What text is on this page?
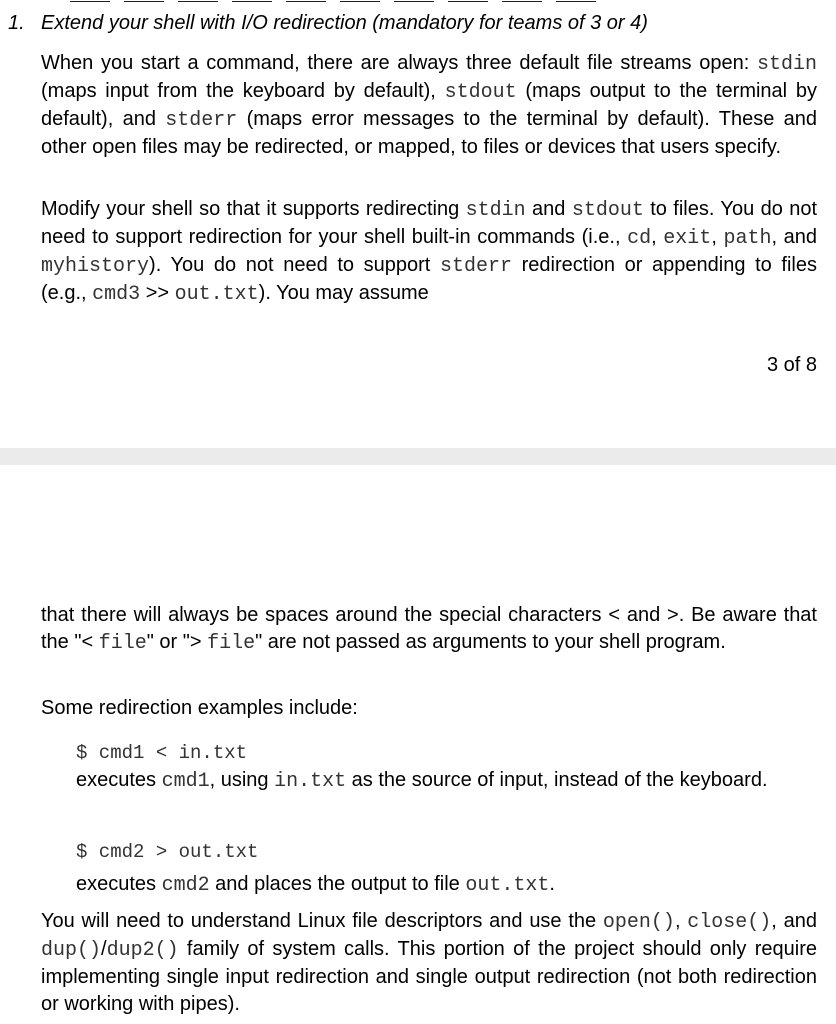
1. Extend your shell with I/O redirection (mandatory for teams of 3 or 4)
When you start a command, there are always three default file streams open: stdin (maps input from the keyboard by default), stdout (maps output to the terminal by default), and stderr (maps error messages to the terminal by default). These and other open files may be redirected, or mapped, to files or devices that users specify.
Modify your shell so that it supports redirecting stdin and stdout to files. You do not need to support redirection for your shell built-in commands (i.e., cd, exit, path, and myhistory). You do not need to support stderr redirection or appending to files (e.g., cmd3 >> out.txt). You may assume
3 of 8
that there will always be spaces around the special characters < and >. Be aware that the "< file" or "> file" are not passed as arguments to your shell program.
Some redirection examples include:
$ cmd1 < in.txt
executes cmd1, using in.txt as the source of input, instead of the keyboard.
$ cmd2 > out.txt
executes cmd2 and places the output to file out.txt.
You will need to understand Linux file descriptors and use the open(), close(), and dup()/dup2() family of system calls. This portion of the project should only require implementing single input redirection and single output redirection (not both redirection or working with pipes).
